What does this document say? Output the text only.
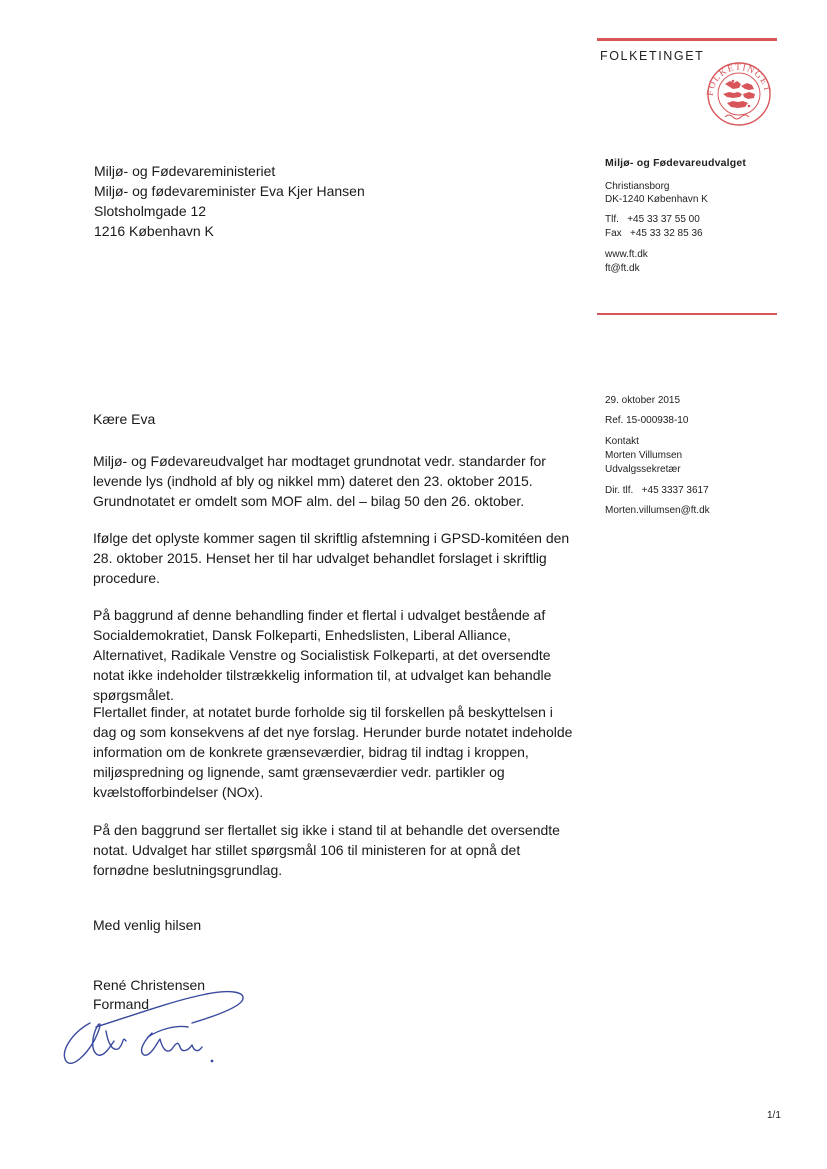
FOLKETINGET
FOLKETINGET
Miljø- og Fødevareministeriet
Miljø- og fødevareminister Eva Kjer Hansen
Slotsholmgade 12
1216 København K
Miljø- og Fødevareudvalget
Christiansborg
DK-1240 København K
Tlf.   +45 33 37 55 00
Fax   +45 33 32 85 36
www.ft.dk
ft@ft.dk
29. oktober 2015
Ref. 15-000938-10
Kontakt
Morten Villumsen
Udvalgssekretær
Dir. tlf.   +45 3337 3617
Morten.villumsen@ft.dk
Kære Eva

Miljø- og Fødevareudvalget har modtaget grundnotat vedr. standarder for levende lys (indhold af bly og nikkel mm) dateret den 23. oktober 2015. Grundnotatet er omdelt som MOF alm. del – bilag 50 den 26. oktober.

Ifølge det oplyste kommer sagen til skriftlig afstemning i GPSD-komitéen den 28. oktober 2015. Henset her til har udvalget behandlet forslaget i skriftlig procedure.

På baggrund af denne behandling finder et flertal i udvalget bestående af Socialdemokratiet, Dansk Folkeparti, Enhedslisten, Liberal Alliance, Alternativet, Radikale Venstre og Socialistisk Folkeparti, at det oversendte notat ikke indeholder tilstrækkelig information til, at udvalget kan behandle spørgsmålet.

Flertallet finder, at notatet burde forholde sig til forskellen på beskyttelsen i dag og som konsekvens af det nye forslag. Herunder burde notatet indeholde information om de konkrete grænseværdier, bidrag til indtag i kroppen, miljøspredning og lignende, samt grænseværdier vedr. partikler og kvælstofforbindelser (NOx).

På den baggrund ser flertallet sig ikke i stand til at behandle det oversendte notat. Udvalget har stillet spørgsmål 106 til ministeren for at opnå det fornødne beslutningsgrundlag.

Med venlig hilsen
René Christensen
Formand
1/1
